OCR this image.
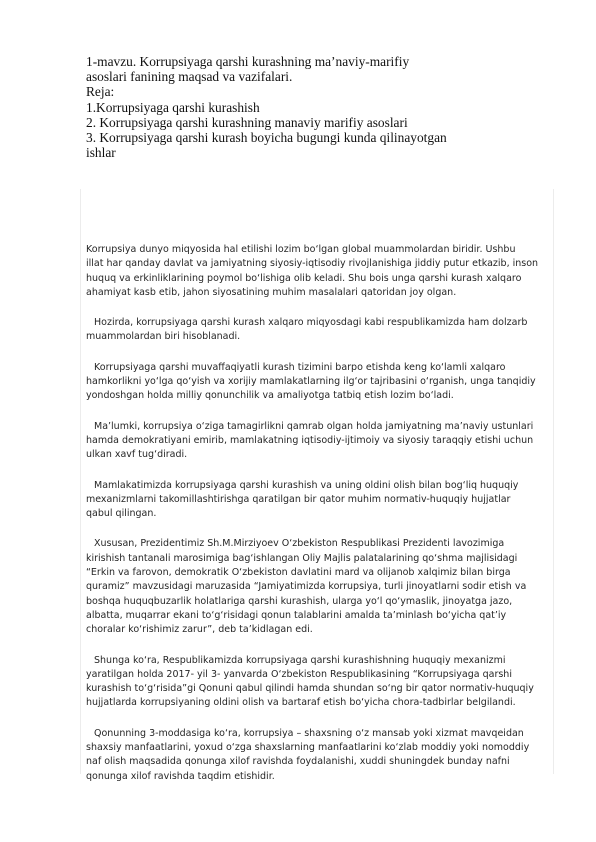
1-mavzu. Korrupsiyaga qarshi kurashning ma’naviy-marifiy
asoslari fanining maqsad va vazifalari.
Reja:
1.Korrupsiyaga qarshi kurashish
2. Korrupsiyaga qarshi kurashning manaviy marifiy asoslari
3. Korrupsiyaga qarshi kurash boyicha bugungi kunda qilinayotgan
ishlar

Korrupsiya dunyo miqyosida hal etilishi lozim bo‘lgan global muammolardan biridir. Ushbu
illat har qanday davlat va jamiyatning siyosiy-iqtisodiy rivojlanishiga jiddiy putur etkazib, inson
huquq va erkinliklarining poymol bo‘lishiga olib keladi. Shu bois unga qarshi kurash xalqaro
ahamiyat kasb etib, jahon siyosatining muhim masalalari qatoridan joy olgan.

Hozirda, korrupsiyaga qarshi kurash xalqaro miqyosdagi kabi respublikamizda ham dolzarb
muammolardan biri hisoblanadi.

Korrupsiyaga qarshi muvaffaqiyatli kurash tizimini barpo etishda keng ko‘lamli xalqaro
hamkorlikni yo‘lga qo‘yish va xorijiy mamlakatlarning ilg‘or tajribasini o‘rganish, unga tanqidiy
yondoshgan holda milliy qonunchilik va amaliyotga tatbiq etish lozim bo‘ladi.

Ma’lumki, korrupsiya o‘ziga tamagirlikni qamrab olgan holda jamiyatning ma’naviy ustunlari
hamda demokratiyani emirib, mamlakatning iqtisodiy-ijtimoiy va siyosiy taraqqiy etishi uchun
ulkan xavf tug‘diradi.

Mamlakatimizda korrupsiyaga qarshi kurashish va uning oldini olish bilan bog‘liq huquqiy
mexanizmlarni takomillashtirishga qaratilgan bir qator muhim normativ-huquqiy hujjatlar
qabul qilingan.

Xususan, Prezidentimiz Sh.M.Mirziyoev O‘zbekiston Respublikasi Prezidenti lavozimiga
kirishish tantanali marosimiga bag‘ishlangan Oliy Majlis palatalarining qo‘shma majlisidagi
“Erkin va farovon, demokratik O‘zbekiston davlatini mard va olijanob xalqimiz bilan birga
quramiz” mavzusidagi maruzasida “Jamiyatimizda korrupsiya, turli jinoyatlarni sodir etish va
boshqa huquqbuzarlik holatlariga qarshi kurashish, ularga yo‘l qo‘ymaslik, jinoyatga jazo,
albatta, muqarrar ekani to‘g‘risidagi qonun talablarini amalda ta’minlash bo‘yicha qat’iy
choralar ko‘rishimiz zarur”, deb ta’kidlagan edi.

Shunga ko‘ra, Respublikamizda korrupsiyaga qarshi kurashishning huquqiy mexanizmi
yaratilgan holda 2017- yil 3- yanvarda O‘zbekiston Respublikasining “Korrupsiyaga qarshi
kurashish to‘g‘risida”gi Qonuni qabul qilindi hamda shundan so‘ng bir qator normativ-huquqiy
hujjatlarda korrupsiyaning oldini olish va bartaraf etish bo‘yicha chora-tadbirlar belgilandi.

Qonunning 3-moddasiga ko‘ra, korrupsiya – shaxsning o‘z mansab yoki xizmat mavqeidan
shaxsiy manfaatlarini, yoxud o‘zga shaxslarning manfaatlarini ko‘zlab moddiy yoki nomoddiy
naf olish maqsadida qonunga xilof ravishda foydalanishi, xuddi shuningdek bunday nafni
qonunga xilof ravishda taqdim etishidir.
